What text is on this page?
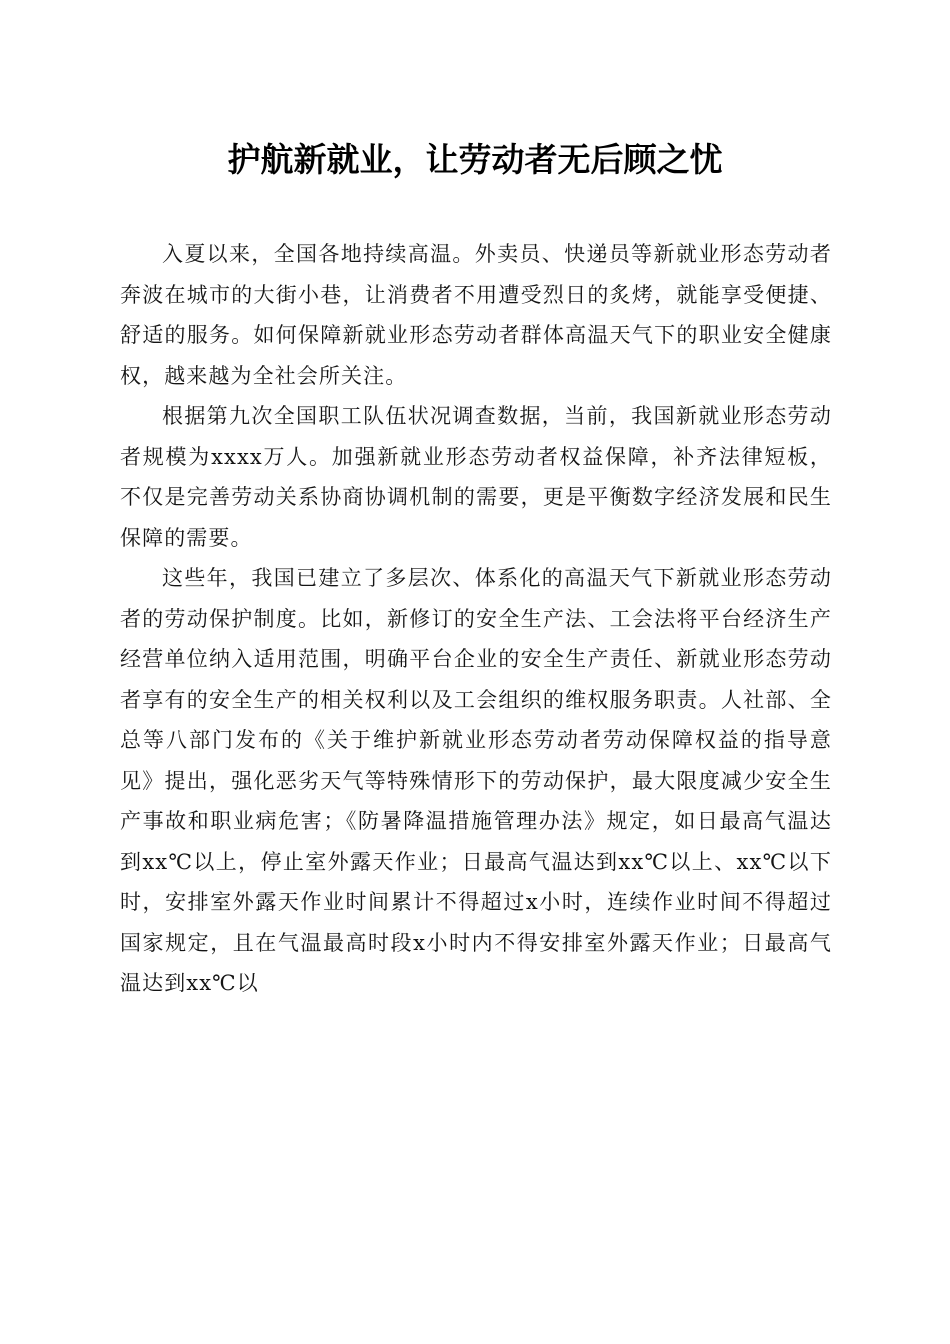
护航新就业，让劳动者无后顾之忧

入夏以来，全国各地持续高温。外卖员、快递员等新就业形态劳动者奔波在城市的大街小巷，让消费者不用遭受烈日的炙烤，就能享受便捷、舒适的服务。如何保障新就业形态劳动者群体高温天气下的职业安全健康权，越来越为全社会所关注。

根据第九次全国职工队伍状况调查数据，当前，我国新就业形态劳动者规模为xxxx万人。加强新就业形态劳动者权益保障，补齐法律短板，不仅是完善劳动关系协商协调机制的需要，更是平衡数字经济发展和民生保障的需要。

这些年，我国已建立了多层次、体系化的高温天气下新就业形态劳动者的劳动保护制度。比如，新修订的安全生产法、工会法将平台经济生产经营单位纳入适用范围，明确平台企业的安全生产责任、新就业形态劳动者享有的安全生产的相关权利以及工会组织的维权服务职责。人社部、全总等八部门发布的《关于维护新就业形态劳动者劳动保障权益的指导意见》提出，强化恶劣天气等特殊情形下的劳动保护，最大限度减少安全生产事故和职业病危害；《防暑降温措施管理办法》规定，如日最高气温达到xx℃以上，停止室外露天作业；日最高气温达到xx℃以上、xx℃以下时，安排室外露天作业时间累计不得超过x小时，连续作业时间不得超过国家规定，且在气温最高时段x小时内不得安排室外露天作业；日最高气温达到xx℃以
